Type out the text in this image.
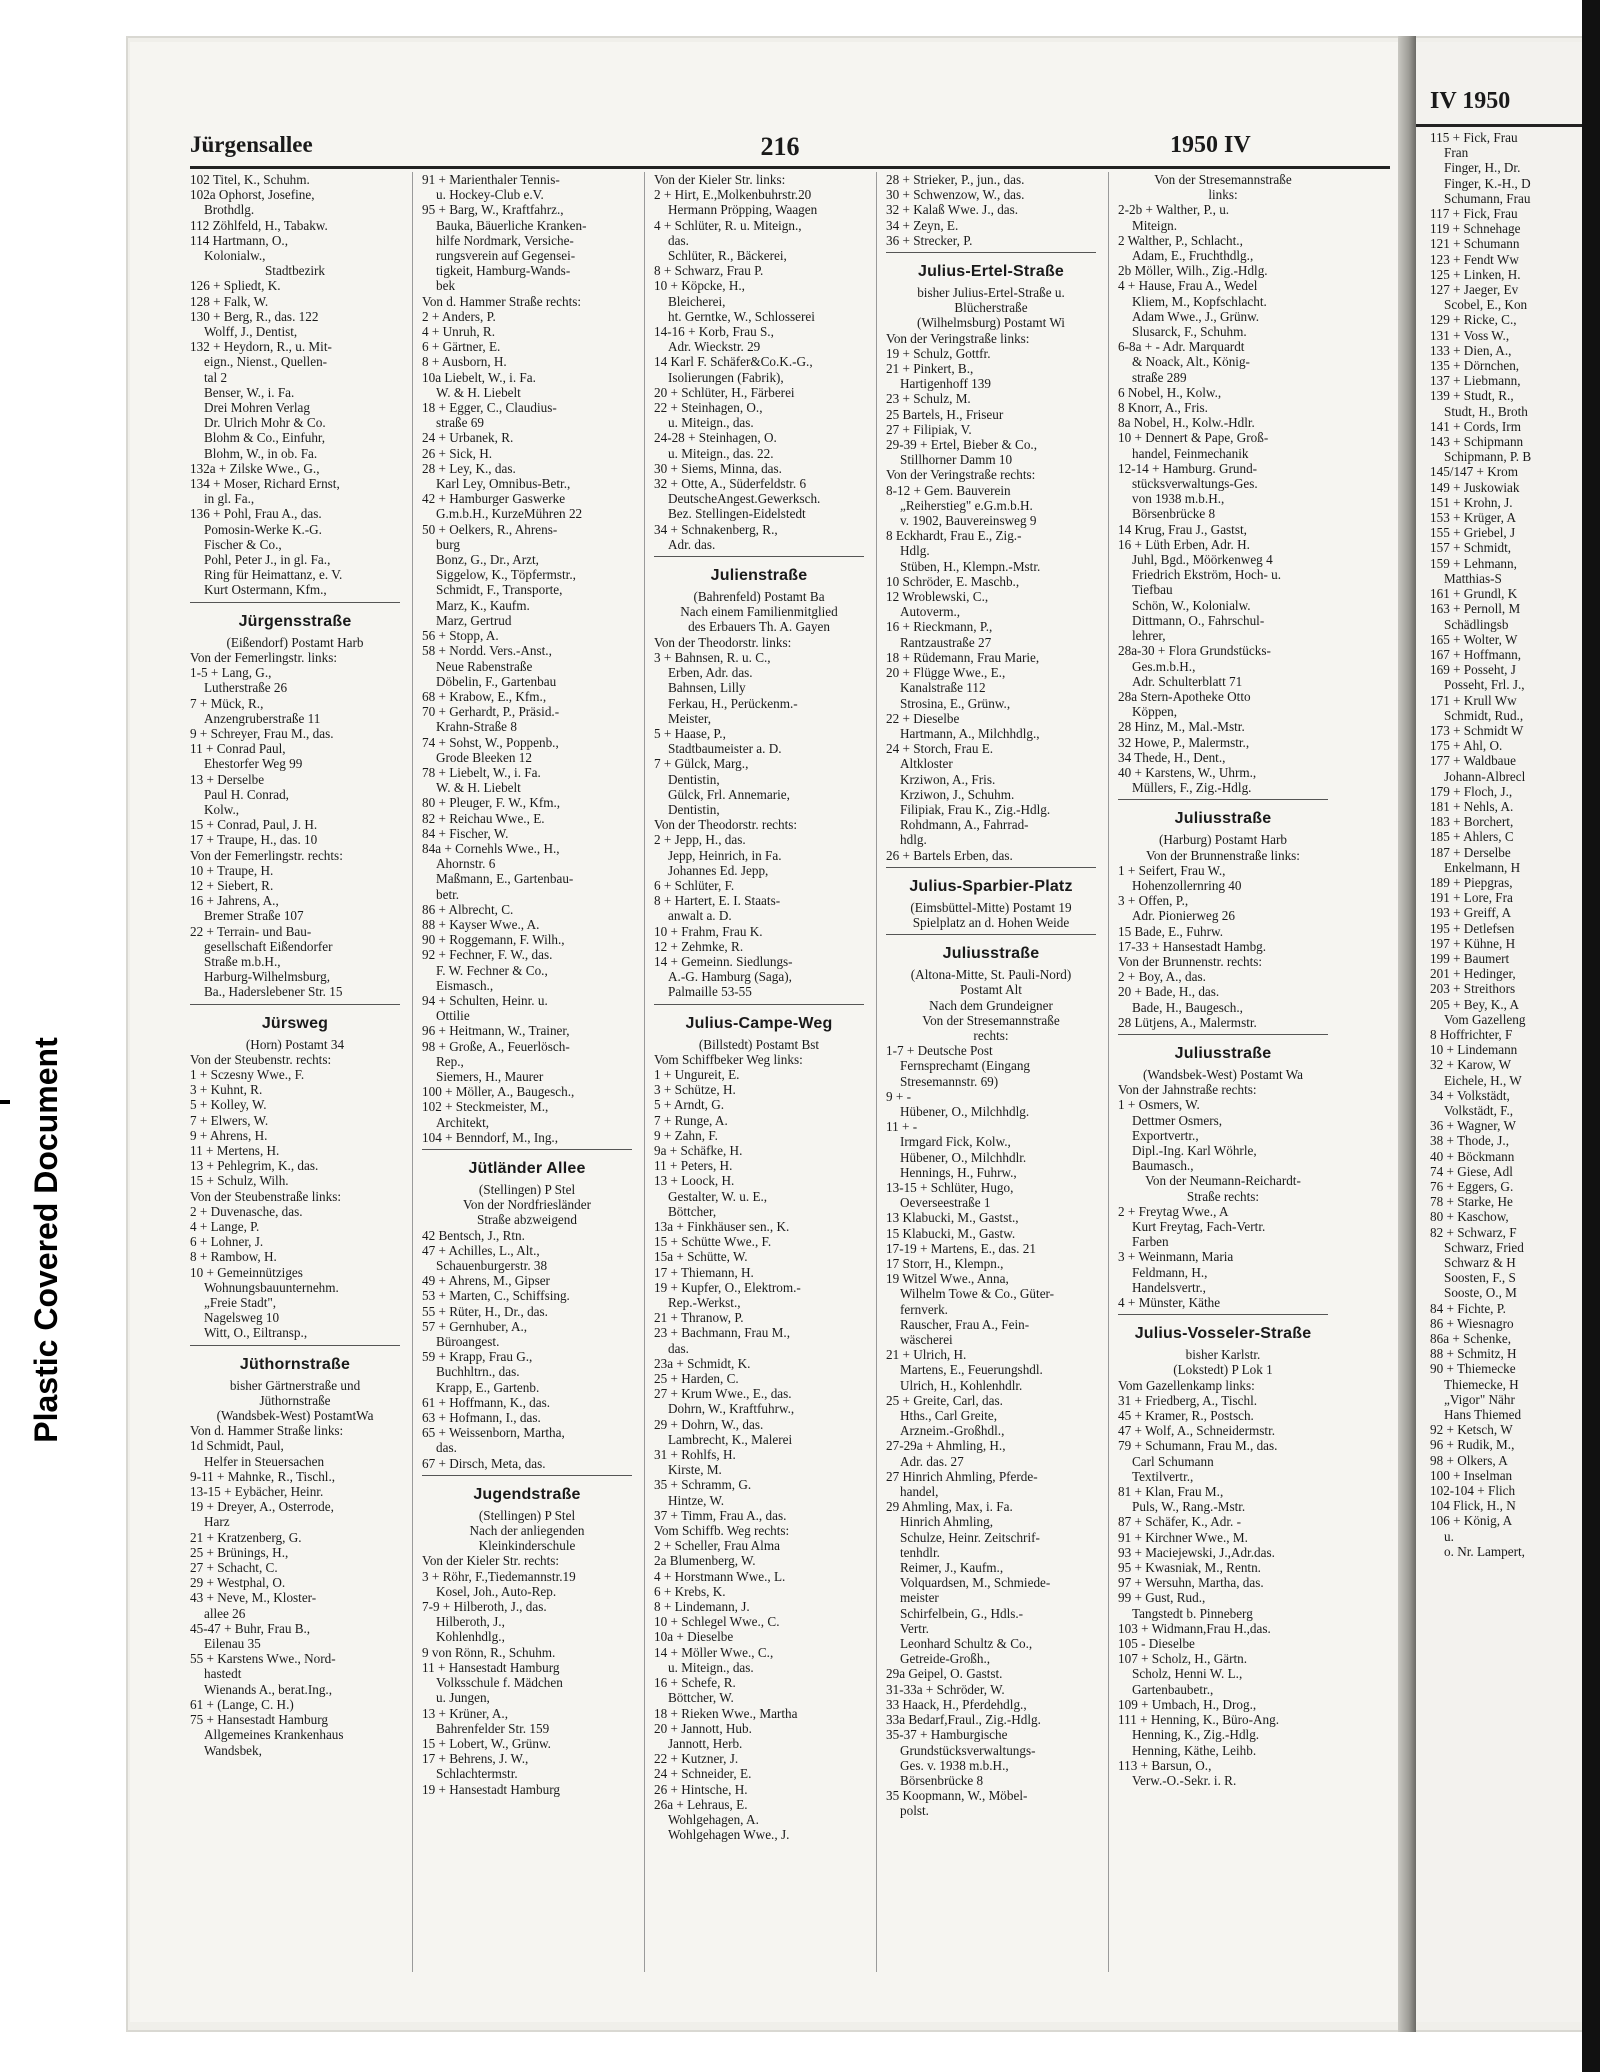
Plastic Covered Document
Jürgensallee	216	1950 IV
102 Titel, K., Schuhm.
102a Ophorst, Josefine,
Brothdlg.
112 Zöhlfeld, H., Tabakw.
114 Hartmann, O.,
Kolonialw.,
Stadtbezirk
126 + Spliedt, K.
128 + Falk, W.
130 + Berg, R., das. 122
Wolff, J., Dentist,
132 + Heydorn, R., u. Mit-
eign., Nienst., Quellen-
tal 2
Benser, W., i. Fa.
Drei Mohren Verlag
Dr. Ulrich Mohr & Co.
Blohm & Co., Einfuhr,
Blohm, W., in ob. Fa.
132a + Zilske Wwe., G.,
134 + Moser, Richard Ernst,
in gl. Fa.,
136 + Pohl, Frau A., das.
Pomosin-Werke K.-G.
Fischer & Co.,
Pohl, Peter J., in gl. Fa.,
Ring für Heimattanz, e. V.
Kurt Ostermann, Kfm.,
Jürgensstraße
(Eißendorf) Postamt Harb
Von der Femerlingstr. links:
1-5 + Lang, G.,
Lutherstraße 26
7 + Mück, R.,
Anzengruberstraße 11
9 + Schreyer, Frau M., das.
11 + Conrad Paul,
Ehestorfer Weg 99
13 + Derselbe
Paul H. Conrad,
Kolw.,
15 + Conrad, Paul, J. H.
17 + Traupe, H., das. 10
Von der Femerlingstr. rechts:
10 + Traupe, H.
12 + Siebert, R.
16 + Jahrens, A.,
Bremer Straße 107
22 + Terrain- und Bau-
gesellschaft Eißendorfer
Straße m.b.H.,
Harburg-Wilhelmsburg,
Ba., Haderslebener Str. 15
Jürsweg
(Horn) Postamt 34
Von der Steubenstr. rechts:
1 + Sczesny Wwe., F.
3 + Kuhnt, R.
5 + Kolley, W.
7 + Elwers, W.
9 + Ahrens, H.
11 + Mertens, H.
13 + Pehlegrim, K., das.
15 + Schulz, Wilh.
Von der Steubenstraße links:
2 + Duvenasche, das.
4 + Lange, P.
6 + Lohner, J.
8 + Rambow, H.
10 + Gemeinnütziges
Wohnungsbauunternehm.
„Freie Stadt",
Nagelsweg 10
Witt, O., Eiltransp.,
Jüthornstraße
bisher Gärtnerstraße und
Jüthornstraße
(Wandsbek-West) PostamtWa
Von d. Hammer Straße links:
1d Schmidt, Paul,
Helfer in Steuersachen
9-11 + Mahnke, R., Tischl.,
13-15 + Eybächer, Heinr.
19 + Dreyer, A., Osterrode,
Harz
21 + Kratzenberg, G.
25 + Brünings, H.,
27 + Schacht, C.
29 + Westphal, O.
43 + Neve, M., Kloster-
allee 26
45-47 + Buhr, Frau B.,
Eilenau 35
55 + Karstens Wwe., Nord-
hastedt
Wienands A., berat.Ing.,
61 + (Lange, C. H.)
75 + Hansestadt Hamburg
Allgemeines Krankenhaus
Wandsbek,
91 + Marienthaler Tennis-
u. Hockey-Club e.V.
95 + Barg, W., Kraftfahrz.,
Bauka, Bäuerliche Kranken-
hilfe Nordmark, Versiche-
rungsverein auf Gegensei-
tigkeit, Hamburg-Wands-
bek
Von d. Hammer Straße rechts:
2 + Anders, P.
4 + Unruh, R.
6 + Gärtner, E.
8 + Ausborn, H.
10a Liebelt, W., i. Fa.
W. & H. Liebelt
18 + Egger, C., Claudius-
straße 69
24 + Urbanek, R.
26 + Sick, H.
28 + Ley, K., das.
Karl Ley, Omnibus-Betr.,
42 + Hamburger Gaswerke
G.m.b.H., KurzeMühren 22
50 + Oelkers, R., Ahrens-
burg
Bonz, G., Dr., Arzt,
Siggelow, K., Töpfermstr.,
Schmidt, F., Transporte,
Marz, K., Kaufm.
Marz, Gertrud
56 + Stopp, A.
58 + Nordd. Vers.-Anst.,
Neue Rabenstraße
Döbelin, F., Gartenbau
68 + Krabow, E., Kfm.,
70 + Gerhardt, P., Präsid.-
Krahn-Straße 8
74 + Sohst, W., Poppenb.,
Grode Bleeken 12
78 + Liebelt, W., i. Fa.
W. & H. Liebelt
80 + Pleuger, F. W., Kfm.,
82 + Reichau Wwe., E.
84 + Fischer, W.
84a + Cornehls Wwe., H.,
Ahornstr. 6
Maßmann, E., Gartenbau-
betr.
86 + Albrecht, C.
88 + Kayser Wwe., A.
90 + Roggemann, F. Wilh.,
92 + Fechner, F. W., das.
F. W. Fechner & Co.,
Eismasch.,
94 + Schulten, Heinr. u.
Ottilie
96 + Heitmann, W., Trainer,
98 + Große, A., Feuerlösch-
Rep.,
Siemers, H., Maurer
100 + Möller, A., Baugesch.,
102 + Steckmeister, M.,
Architekt,
104 + Benndorf, M., Ing.,
Jütländer Allee
(Stellingen) P Stel
Von der Nordfriesländer
Straße abzweigend
42 Bentsch, J., Rtn.
47 + Achilles, L., Alt.,
Schauenburgerstr. 38
49 + Ahrens, M., Gipser
53 + Marten, C., Schiffsing.
55 + Rüter, H., Dr., das.
57 + Gernhuber, A.,
Büroangest.
59 + Krapp, Frau G.,
Buchhltrn., das.
Krapp, E., Gartenb.
61 + Hoffmann, K., das.
63 + Hofmann, I., das.
65 + Weissenborn, Martha,
das.
67 + Dirsch, Meta, das.
Jugendstraße
(Stellingen) P Stel
Nach der anliegenden
Kleinkinderschule
Von der Kieler Str. rechts:
3 + Röhr, F.,Tiedemannstr.19
Kosel, Joh., Auto-Rep.
7-9 + Hilberoth, J., das.
Hilberoth, J.,
Kohlenhdlg.,
9 von Rönn, R., Schuhm.
11 + Hansestadt Hamburg
Volksschule f. Mädchen
u. Jungen,
13 + Krüner, A.,
Bahrenfelder Str. 159
15 + Lobert, W., Grünw.
17 + Behrens, J. W.,
Schlachtermstr.
19 + Hansestadt Hamburg
Von der Kieler Str. links:
2 + Hirt, E.,Molkenbuhrstr.20
Hermann Pröpping, Waagen
4 + Schlüter, R. u. Miteign.,
das.
Schlüter, R., Bäckerei,
8 + Schwarz, Frau P.
10 + Köpcke, H.,
Bleicherei,
ht. Gerntke, W., Schlosserei
14-16 + Korb, Frau S.,
Adr. Wieckstr. 29
14 Karl F. Schäfer&Co.K.-G.,
Isolierungen (Fabrik),
20 + Schlüter, H., Färberei
22 + Steinhagen, O.,
u. Miteign., das.
24-28 + Steinhagen, O.
u. Miteign., das. 22.
30 + Siems, Minna, das.
32 + Otte, A., Süderfeldstr. 6
DeutscheAngest.Gewerksch.
Bez. Stellingen-Eidelstedt
34 + Schnakenberg, R.,
Adr. das.
Julienstraße
(Bahrenfeld) Postamt Ba
Nach einem Familienmitglied
des Erbauers Th. A. Gayen
Von der Theodorstr. links:
3 + Bahnsen, R. u. C.,
Erben, Adr. das.
Bahnsen, Lilly
Ferkau, H., Perückenm.-
Meister,
5 + Haase, P.,
Stadtbaumeister a. D.
7 + Gülck, Marg.,
Dentistin,
Gülck, Frl. Annemarie,
Dentistin,
Von der Theodorstr. rechts:
2 + Jepp, H., das.
Jepp, Heinrich, in Fa.
Johannes Ed. Jepp,
6 + Schlüter, F.
8 + Hartert, E. I. Staats-
anwalt a. D.
10 + Frahm, Frau K.
12 + Zehmke, R.
14 + Gemeinn. Siedlungs-
A.-G. Hamburg (Saga),
Palmaille 53-55
Julius-Campe-Weg
(Billstedt) Postamt Bst
Vom Schiffbeker Weg links:
1 + Ungureit, E.
3 + Schütze, H.
5 + Arndt, G.
7 + Runge, A.
9 + Zahn, F.
9a + Schäfke, H.
11 + Peters, H.
13 + Loock, H.
Gestalter, W. u. E.,
Böttcher,
13a + Finkhäuser sen., K.
15 + Schütte Wwe., F.
15a + Schütte, W.
17 + Thiemann, H.
19 + Kupfer, O., Elektrom.-
Rep.-Werkst.,
21 + Thranow, P.
23 + Bachmann, Frau M.,
das.
23a + Schmidt, K.
25 + Harden, C.
27 + Krum Wwe., E., das.
Dohrn, W., Kraftfuhrw.,
29 + Dohrn, W., das.
Lambrecht, K., Malerei
31 + Rohlfs, H.
Kirste, M.
35 + Schramm, G.
Hintze, W.
37 + Timm, Frau A., das.
Vom Schiffb. Weg rechts:
2 + Scheller, Frau Alma
2a Blumenberg, W.
4 + Horstmann Wwe., L.
6 + Krebs, K.
8 + Lindemann, J.
10 + Schlegel Wwe., C.
10a + Dieselbe
14 + Möller Wwe., C.,
u. Miteign., das.
16 + Schefe, R.
Böttcher, W.
18 + Rieken Wwe., Martha
20 + Jannott, Hub.
Jannott, Herb.
22 + Kutzner, J.
24 + Schneider, E.
26 + Hintsche, H.
26a + Lehraus, E.
Wohlgehagen, A.
Wohlgehagen Wwe., J.
28 + Strieker, P., jun., das.
30 + Schwenzow, W., das.
32 + Kalaß Wwe. J., das.
34 + Zeyn, E.
36 + Strecker, P.
Julius-Ertel-Straße
bisher Julius-Ertel-Straße u.
Blücherstraße
(Wilhelmsburg) Postamt Wi
Von der Veringstraße links:
19 + Schulz, Gottfr.
21 + Pinkert, B.,
Hartigenhoff 139
23 + Schulz, M.
25 Bartels, H., Friseur
27 + Filipiak, V.
29-39 + Ertel, Bieber & Co.,
Stillhorner Damm 10
Von der Veringstraße rechts:
8-12 + Gem. Bauverein
„Reiherstieg" e.G.m.b.H.
v. 1902, Bauvereinsweg 9
8 Eckhardt, Frau E., Zig.-
Hdlg.
Stüben, H., Klempn.-Mstr.
10 Schröder, E. Maschb.,
12 Wroblewski, C.,
Autoverm.,
16 + Rieckmann, P.,
Rantzaustraße 27
18 + Rüdemann, Frau Marie,
20 + Flügge Wwe., E.,
Kanalstraße 112
Strosina, E., Grünw.,
22 + Dieselbe
Hartmann, A., Milchhdlg.,
24 + Storch, Frau E.
Altkloster
Krziwon, A., Fris.
Krziwon, J., Schuhm.
Filipiak, Frau K., Zig.-Hdlg.
Rohdmann, A., Fahrrad-
hdlg.
26 + Bartels Erben, das.
Julius-Sparbier-Platz
(Eimsbüttel-Mitte) Postamt 19
Spielplatz an d. Hohen Weide
Juliusstraße
(Altona-Mitte, St. Pauli-Nord)
Postamt Alt
Nach dem Grundeigner
Von der Stresemannstraße
rechts:
1-7 + Deutsche Post
Fernsprechamt (Eingang
Stresemannstr. 69)
9 + -
Hübener, O., Milchhdlg.
11 + -
Irmgard Fick, Kolw.,
Hübener, O., Milchhdlr.
Hennings, H., Fuhrw.,
13-15 + Schlüter, Hugo,
Oeverseestraße 1
13 Klabucki, M., Gastst.,
15 Klabucki, M., Gastw.
17-19 + Martens, E., das. 21
17 Storr, H., Klempn.,
19 Witzel Wwe., Anna,
Wilhelm Towe & Co., Güter-
fernverk.
Rauscher, Frau A., Fein-
wäscherei
21 + Ulrich, H.
Martens, E., Feuerungshdl.
Ulrich, H., Kohlenhdlr.
25 + Greite, Carl, das.
Hths., Carl Greite,
Arzneim.-Großhdl.,
27-29a + Ahmling, H.,
Adr. das. 27
27 Hinrich Ahmling, Pferde-
handel,
29 Ahmling, Max, i. Fa.
Hinrich Ahmling,
Schulze, Heinr. Zeitschrif-
tenhdlr.
Reimer, J., Kaufm.,
Volquardsen, M., Schmiede-
meister
Schirfelbein, G., Hdls.-
Vertr.
Leonhard Schultz & Co.,
Getreide-Großh.,
29a Geipel, O. Gastst.
31-33a + Schröder, W.
33 Haack, H., Pferdehdlg.,
33a Bedarf,Fraul., Zig.-Hdlg.
35-37 + Hamburgische
Grundstücksverwaltungs-
Ges. v. 1938 m.b.H.,
Börsenbrücke 8
35 Koopmann, W., Möbel-
polst.
Von der Stresemannstraße
links:
2-2b + Walther, P., u.
Miteign.
2 Walther, P., Schlacht.,
Adam, E., Fruchthdlg.,
2b Möller, Wilh., Zig.-Hdlg.
4 + Hause, Frau A., Wedel
Kliem, M., Kopfschlacht.
Adam Wwe., J., Grünw.
Slusarck, F., Schuhm.
6-8a + - Adr. Marquardt
& Noack, Alt., König-
straße 289
6 Nobel, H., Kolw.,
8 Knorr, A., Fris.
8a Nobel, H., Kolw.-Hdlr.
10 + Dennert & Pape, Groß-
handel, Feinmechanik
12-14 + Hamburg. Grund-
stücksverwaltungs-Ges.
von 1938 m.b.H.,
Börsenbrücke 8
14 Krug, Frau J., Gastst,
16 + Lüth Erben, Adr. H.
Juhl, Bgd., Möörkenweg 4
Friedrich Ekström, Hoch- u.
Tiefbau
Schön, W., Kolonialw.
Dittmann, O., Fahrschul-
lehrer,
28a-30 + Flora Grundstücks-
Ges.m.b.H.,
Adr. Schulterblatt 71
28a Stern-Apotheke Otto
Köppen,
28 Hinz, M., Mal.-Mstr.
32 Howe, P., Malermstr.,
34 Thede, H., Dent.,
40 + Karstens, W., Uhrm.,
Müllers, F., Zig.-Hdlg.
Juliusstraße
(Harburg) Postamt Harb
Von der Brunnenstraße links:
1 + Seifert, Frau W.,
Hohenzollernring 40
3 + Offen, P.,
Adr. Pionierweg 26
15 Bade, E., Fuhrw.
17-33 + Hansestadt Hambg.
Von der Brunnenstr. rechts:
2 + Boy, A., das.
20 + Bade, H., das.
Bade, H., Baugesch.,
28 Lütjens, A., Malermstr.
Juliusstraße
(Wandsbek-West) Postamt Wa
Von der Jahnstraße rechts:
1 + Osmers, W.
Dettmer Osmers,
Exportvertr.,
Dipl.-Ing. Karl Wöhrle,
Baumasch.,
Von der Neumann-Reichardt-
Straße rechts:
2 + Freytag Wwe., A
Kurt Freytag, Fach-Vertr.
Farben
3 + Weinmann, Maria
Feldmann, H.,
Handelsvertr.,
4 + Münster, Käthe
Julius-Vosseler-Straße
bisher Karlstr.
(Lokstedt) P Lok 1
Vom Gazellenkamp links:
31 + Friedberg, A., Tischl.
45 + Kramer, R., Postsch.
47 + Wolf, A., Schneidermstr.
79 + Schumann, Frau M., das.
Carl Schumann
Textilvertr.,
81 + Klan, Frau M.,
Puls, W., Rang.-Mstr.
87 + Schäfer, K., Adr. -
91 + Kirchner Wwe., M.
93 + Maciejewski, J.,Adr.das.
95 + Kwasniak, M., Rentn.
97 + Wersuhn, Martha, das.
99 + Gust, Rud.,
Tangstedt b. Pinneberg
103 + Widmann,Frau H.,das.
105 - Dieselbe
107 + Scholz, H., Gärtn.
Scholz, Henni W. L.,
Gartenbaubetr.,
109 + Umbach, H., Drog.,
111 + Henning, K., Büro-Ang.
Henning, K., Zig.-Hdlg.
Henning, Käthe, Leihb.
113 + Barsun, O.,
Verw.-O.-Sekr. i. R.
IV 1950
115 + Fick, Frau
Fran
Finger, H., Dr.
Finger, K.-H., D
Schumann, Frau
117 + Fick, Frau
119 + Schnehage
121 + Schumann
123 + Fendt Ww
125 + Linken, H.
127 + Jaeger, Ev
Scobel, E., Kon
129 + Ricke, C.,
131 + Voss W.,
133 + Dien, A.,
135 + Dörnchen,
137 + Liebmann,
139 + Studt, R.,
Studt, H., Broth
141 + Cords, Irm
143 + Schipmann
Schipmann, P. B
145/147 + Krom
149 + Juskowiak
151 + Krohn, J.
153 + Krüger, A
155 + Griebel, J
157 + Schmidt,
159 + Lehmann,
Matthias-S
161 + Grundl, K
163 + Pernoll, M
Schädlingsb
165 + Wolter, W
167 + Hoffmann,
169 + Posseht, J
Posseht, Frl. J.,
171 + Krull Ww
Schmidt, Rud.,
173 + Schmidt W
175 + Ahl, O.
177 + Waldbaue
Johann-Albrecl
179 + Floch, J.,
181 + Nehls, A.
183 + Borchert,
185 + Ahlers, C
187 + Derselbe
Enkelmann, H
189 + Piepgras,
191 + Lore, Fra
193 + Greiff, A
195 + Detlefsen
197 + Kühne, H
199 + Baumert
201 + Hedinger,
203 + Streithors
205 + Bey, K., A
Vom Gazelleng
8 Hoffrichter, F
10 + Lindemann
32 + Karow, W
Eichele, H., W
34 + Volkstädt,
Volkstädt, F.,
36 + Wagner, W
38 + Thode, J.,
40 + Böckmann
74 + Giese, Adl
76 + Eggers, G.
78 + Starke, He
80 + Kaschow,
82 + Schwarz, F
Schwarz, Fried
Schwarz & H
Soosten, F., S
Sooste, O., M
84 + Fichte, P.
86 + Wiesnagro
86a + Schenke,
88 + Schmitz, H
90 + Thiemecke
Thiemecke, H
„Vigor" Nähr
Hans Thiemed
92 + Ketsch, W
96 + Rudik, M.,
98 + Olkers, A
100 + Inselman
102-104 + Flich
104 Flick, H., N
106 + König, A
u.
o. Nr. Lampert,
